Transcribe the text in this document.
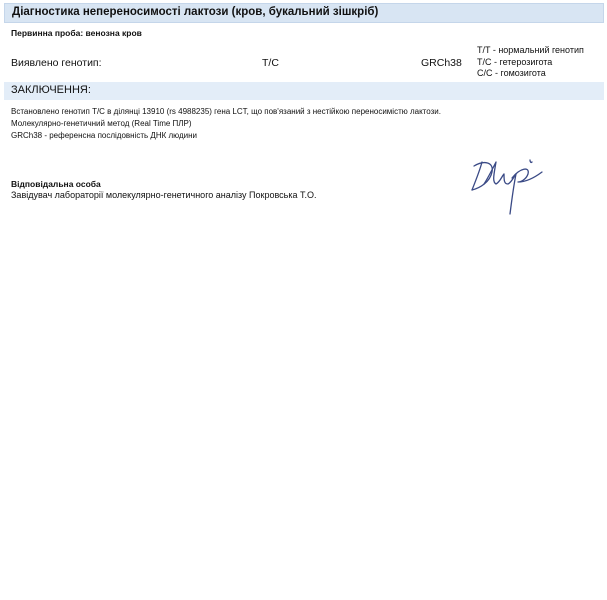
Діагностика непереносимості лактози (кров, букальний зішкріб)
Первинна проба: венозна кров
Виявлено генотип:	T/C	GRCh38
T/T - нормальний генотип
T/C - гетерозигота
C/C - гомозигота
ЗАКЛЮЧЕННЯ:
Встановлено генотип T/C в ділянці 13910 (rs 4988235) гена LCT, що пов'язаний з нестійкою переносимістю лактози.
Молекулярно-генетичний метод (Real Time ПЛР)
GRCh38 - референсна послідовність ДНК людини
Відповідальна особа
Завідувач лабораторії молекулярно-генетичного аналізу Покровська Т.О.
